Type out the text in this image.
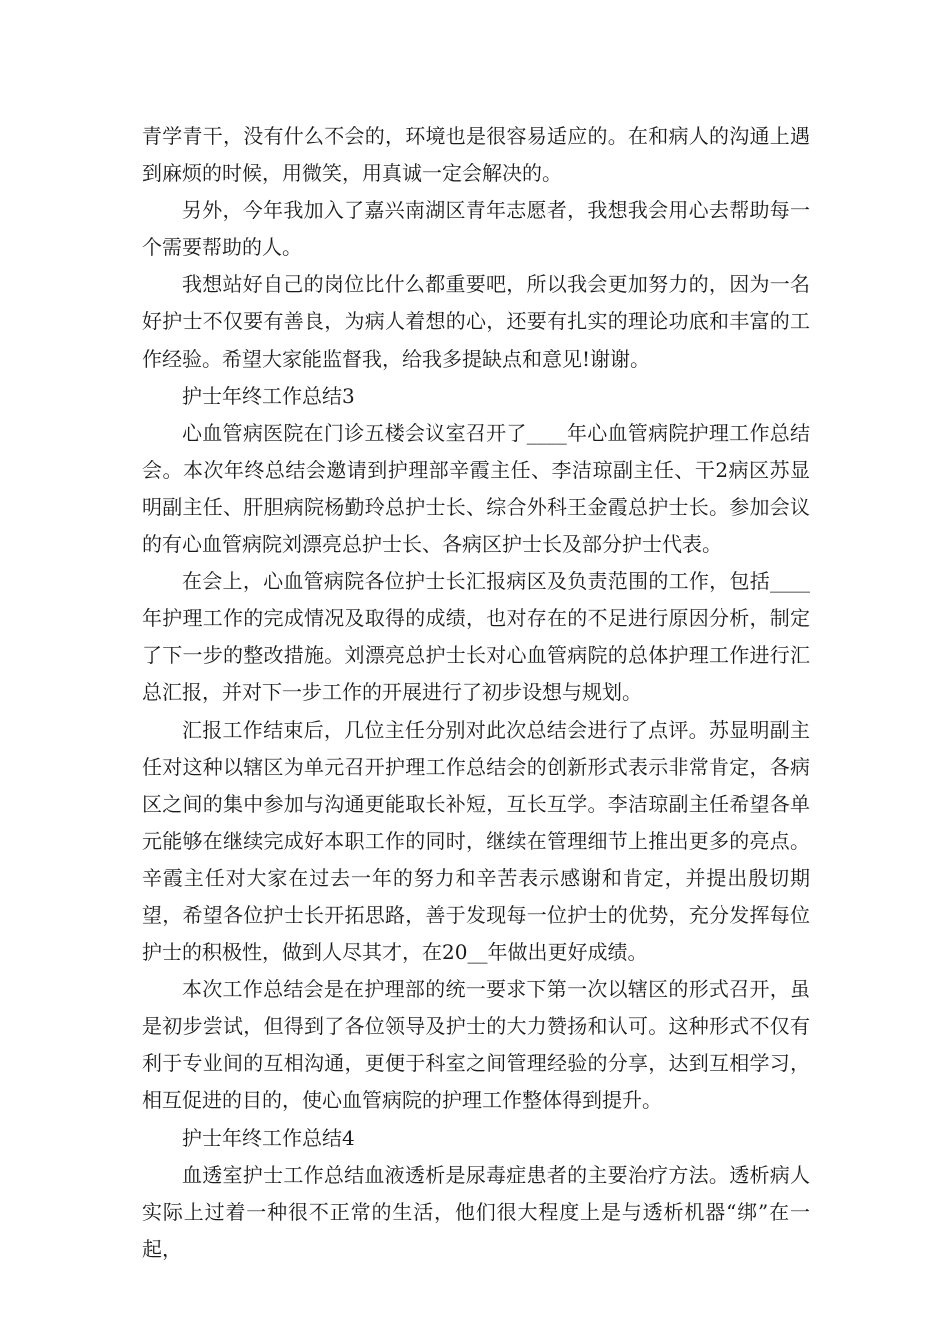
青学青干，没有什么不会的，环境也是很容易适应的。在和病人的沟通上遇到麻烦的时候，用微笑，用真诚一定会解决的。

另外，今年我加入了嘉兴南湖区青年志愿者，我想我会用心去帮助每一个需要帮助的人。

我想站好自己的岗位比什么都重要吧，所以我会更加努力的，因为一名好护士不仅要有善良，为病人着想的心，还要有扎实的理论功底和丰富的工作经验。希望大家能监督我，给我多提缺点和意见!谢谢。

护士年终工作总结3

心血管病医院在门诊五楼会议室召开了____年心血管病院护理工作总结会。本次年终总结会邀请到护理部辛霞主任、李洁琼副主任、干2病区苏显明副主任、肝胆病院杨勤玲总护士长、综合外科王金霞总护士长。参加会议的有心血管病院刘漂亮总护士长、各病区护士长及部分护士代表。

在会上，心血管病院各位护士长汇报病区及负责范围的工作，包括____年护理工作的完成情况及取得的成绩，也对存在的不足进行原因分析，制定了下一步的整改措施。刘漂亮总护士长对心血管病院的总体护理工作进行汇总汇报，并对下一步工作的开展进行了初步设想与规划。

汇报工作结束后，几位主任分别对此次总结会进行了点评。苏显明副主任对这种以辖区为单元召开护理工作总结会的创新形式表示非常肯定，各病区之间的集中参加与沟通更能取长补短，互长互学。李洁琼副主任希望各单元能够在继续完成好本职工作的同时，继续在管理细节上推出更多的亮点。辛霞主任对大家在过去一年的努力和辛苦表示感谢和肯定，并提出殷切期望，希望各位护士长开拓思路，善于发现每一位护士的优势，充分发挥每位护士的积极性，做到人尽其才，在20__年做出更好成绩。

本次工作总结会是在护理部的统一要求下第一次以辖区的形式召开，虽是初步尝试，但得到了各位领导及护士的大力赞扬和认可。这种形式不仅有利于专业间的互相沟通，更便于科室之间管理经验的分享，达到互相学习，相互促进的目的，使心血管病院的护理工作整体得到提升。

护士年终工作总结4

血透室护士工作总结血液透析是尿毒症患者的主要治疗方法。透析病人实际上过着一种很不正常的生活，他们很大程度上是与透析机器“绑”在一起，
